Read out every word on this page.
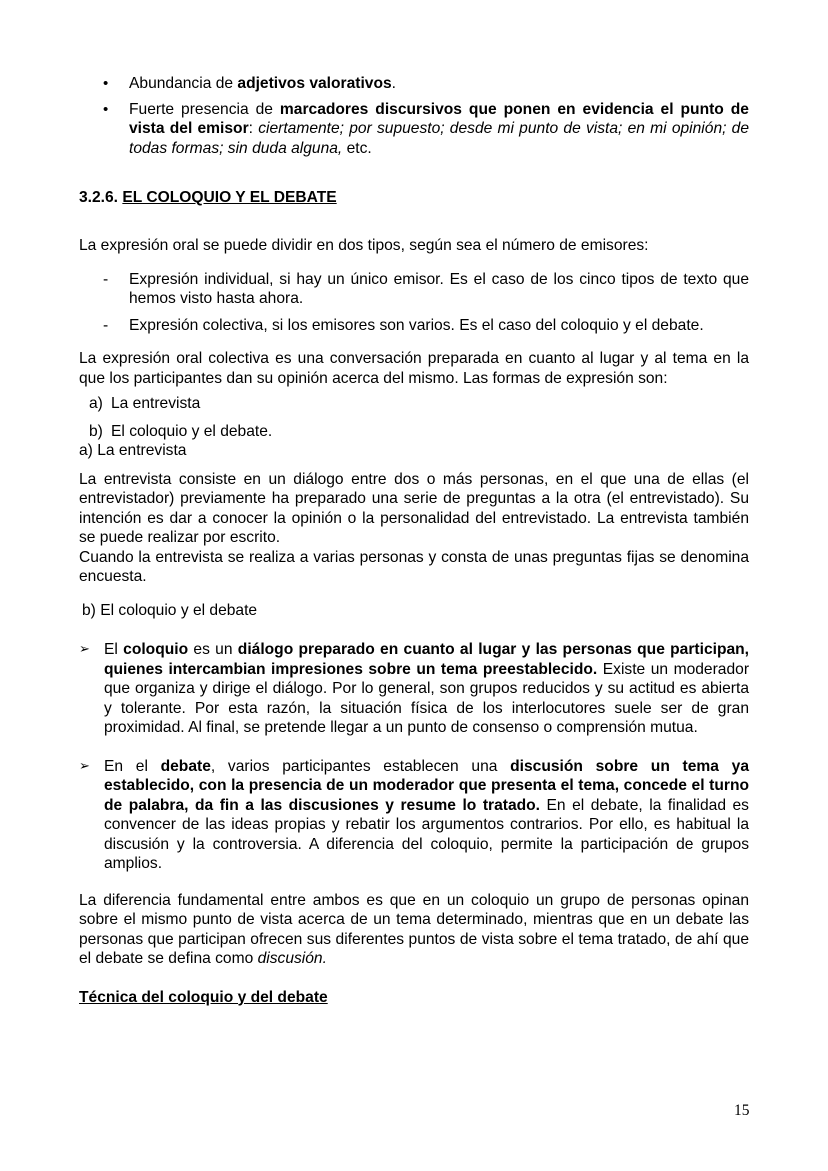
• Abundancia de adjetivos valorativos.
• Fuerte presencia de marcadores discursivos que ponen en evidencia el punto de vista del emisor: ciertamente; por supuesto; desde mi punto de vista; en mi opinión; de todas formas; sin duda alguna, etc.

3.2.6. EL COLOQUIO Y EL DEBATE

La expresión oral se puede dividir en dos tipos, según sea el número de emisores:

- Expresión individual, si hay un único emisor. Es el caso de los cinco tipos de texto que hemos visto hasta ahora.
- Expresión colectiva, si los emisores son varios. Es el caso del coloquio y el debate.

La expresión oral colectiva es una conversación preparada en cuanto al lugar y al tema en la que los participantes dan su opinión acerca del mismo. Las formas de expresión son:

a) La entrevista
b) El coloquio y el debate.

a) La entrevista

La entrevista consiste en un diálogo entre dos o más personas, en el que una de ellas (el entrevistador) previamente ha preparado una serie de preguntas a la otra (el entrevistado). Su intención es dar a conocer la opinión o la personalidad del entrevistado. La entrevista también se puede realizar por escrito.

Cuando la entrevista se realiza a varias personas y consta de unas preguntas fijas se denomina encuesta.

b) El coloquio y el debate

➢ El coloquio es un diálogo preparado en cuanto al lugar y las personas que participan, quienes intercambian impresiones sobre un tema preestablecido. Existe un moderador que organiza y dirige el diálogo. Por lo general, son grupos reducidos y su actitud es abierta y tolerante. Por esta razón, la situación física de los interlocutores suele ser de gran proximidad. Al final, se pretende llegar a un punto de consenso o comprensión mutua.
➢ En el debate, varios participantes establecen una discusión sobre un tema ya establecido, con la presencia de un moderador que presenta el tema, concede el turno de palabra, da fin a las discusiones y resume lo tratado. En el debate, la finalidad es convencer de las ideas propias y rebatir los argumentos contrarios. Por ello, es habitual la discusión y la controversia. A diferencia del coloquio, permite la participación de grupos amplios.

La diferencia fundamental entre ambos es que en un coloquio un grupo de personas opinan sobre el mismo punto de vista acerca de un tema determinado, mientras que en un debate las personas que participan ofrecen sus diferentes puntos de vista sobre el tema tratado, de ahí que el debate se defina como discusión.

Técnica del coloquio y del debate

15
